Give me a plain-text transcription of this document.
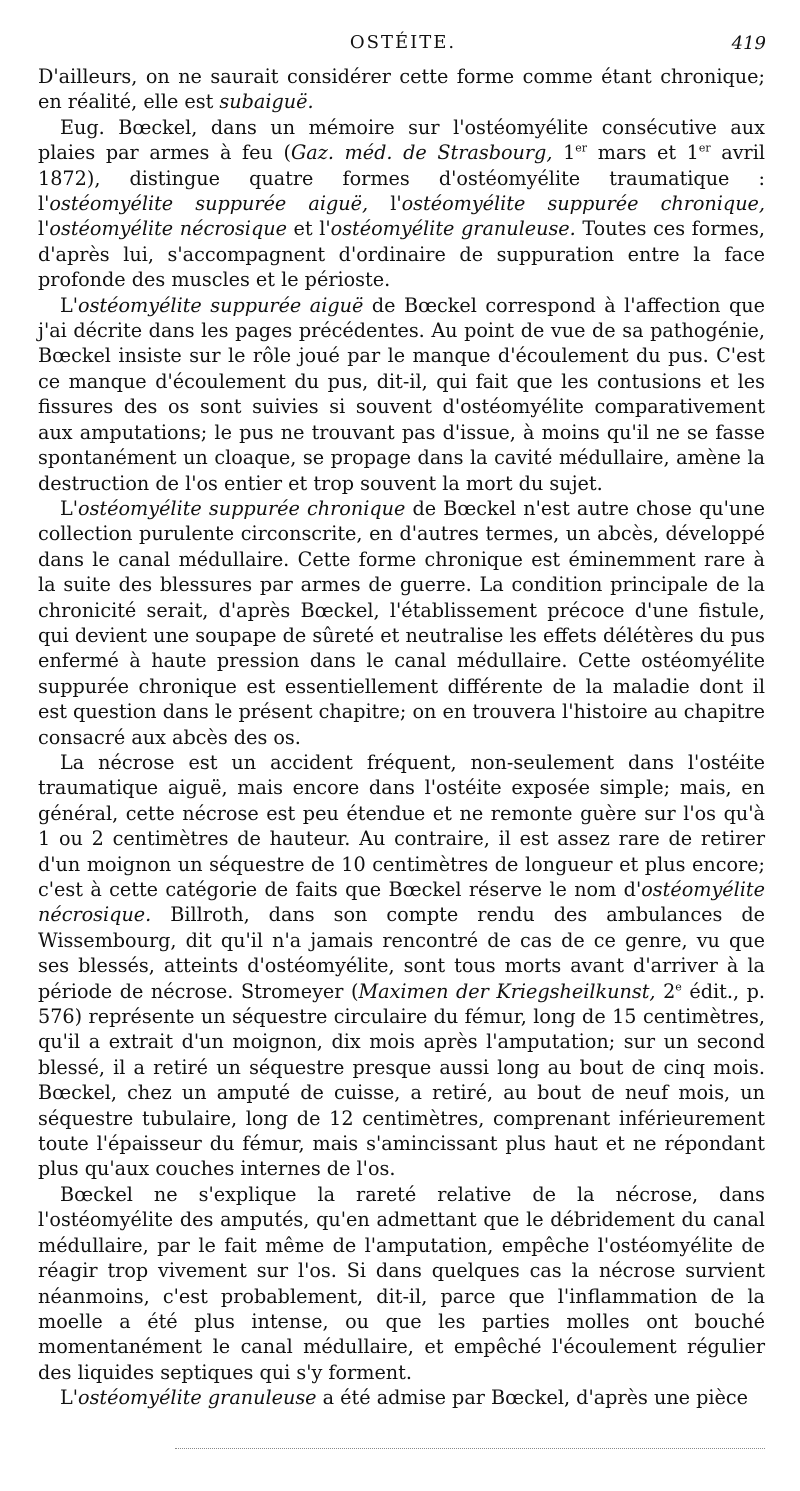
OSTÉITE.	419

D'ailleurs, on ne saurait considérer cette forme comme étant chronique; en réalité, elle est subaiguë.

Eug. Bœckel, dans un mémoire sur l'ostéomyélite consécutive aux plaies par armes à feu (Gaz. méd. de Strasbourg, 1er mars et 1er avril 1872), distingue quatre formes d'ostéomyélite traumatique : l'ostéomyélite suppurée aiguë, l'ostéomyélite suppurée chronique, l'ostéomyélite nécrosique et l'ostéomyélite granuleuse. Toutes ces formes, d'après lui, s'accompagnent d'ordinaire de suppuration entre la face profonde des muscles et le périoste.

L'ostéomyélite suppurée aiguë de Bœckel correspond à l'affection que j'ai décrite dans les pages précédentes. Au point de vue de sa pathogénie, Bœckel insiste sur le rôle joué par le manque d'écoulement du pus. C'est ce manque d'écoulement du pus, dit-il, qui fait que les contusions et les fissures des os sont suivies si souvent d'ostéomyélite comparativement aux amputations; le pus ne trouvant pas d'issue, à moins qu'il ne se fasse spontanément un cloaque, se propage dans la cavité médullaire, amène la destruction de l'os entier et trop souvent la mort du sujet.

L'ostéomyélite suppurée chronique de Bœckel n'est autre chose qu'une collection purulente circonscrite, en d'autres termes, un abcès, développé dans le canal médullaire. Cette forme chronique est éminemment rare à la suite des blessures par armes de guerre. La condition principale de la chronicité serait, d'après Bœckel, l'établissement précoce d'une fistule, qui devient une soupape de sûreté et neutralise les effets délétères du pus enfermé à haute pression dans le canal médullaire. Cette ostéomyélite suppurée chronique est essentiellement différente de la maladie dont il est question dans le présent chapitre; on en trouvera l'histoire au chapitre consacré aux abcès des os.

La nécrose est un accident fréquent, non-seulement dans l'ostéite traumatique aiguë, mais encore dans l'ostéite exposée simple; mais, en général, cette nécrose est peu étendue et ne remonte guère sur l'os qu'à 1 ou 2 centimètres de hauteur. Au contraire, il est assez rare de retirer d'un moignon un séquestre de 10 centimètres de longueur et plus encore; c'est à cette catégorie de faits que Bœckel réserve le nom d'ostéomyélite nécrosique. Billroth, dans son compte rendu des ambulances de Wissembourg, dit qu'il n'a jamais rencontré de cas de ce genre, vu que ses blessés, atteints d'ostéomyélite, sont tous morts avant d'arriver à la période de nécrose. Stromeyer (Maximen der Kriegsheilkunst, 2e édit., p. 576) représente un séquestre circulaire du fémur, long de 15 centimètres, qu'il a extrait d'un moignon, dix mois après l'amputation; sur un second blessé, il a retiré un séquestre presque aussi long au bout de cinq mois. Bœckel, chez un amputé de cuisse, a retiré, au bout de neuf mois, un séquestre tubulaire, long de 12 centimètres, comprenant inférieurement toute l'épaisseur du fémur, mais s'amincissant plus haut et ne répondant plus qu'aux couches internes de l'os.

Bœckel ne s'explique la rareté relative de la nécrose, dans l'ostéomyélite des amputés, qu'en admettant que le débridement du canal médullaire, par le fait même de l'amputation, empêche l'ostéomyélite de réagir trop vivement sur l'os. Si dans quelques cas la nécrose survient néanmoins, c'est probablement, dit-il, parce que l'inflammation de la moelle a été plus intense, ou que les parties molles ont bouché momentanément le canal médullaire, et empêché l'écoulement régulier des liquides septiques qui s'y forment.

L'ostéomyélite granuleuse a été admise par Bœckel, d'après une pièce
